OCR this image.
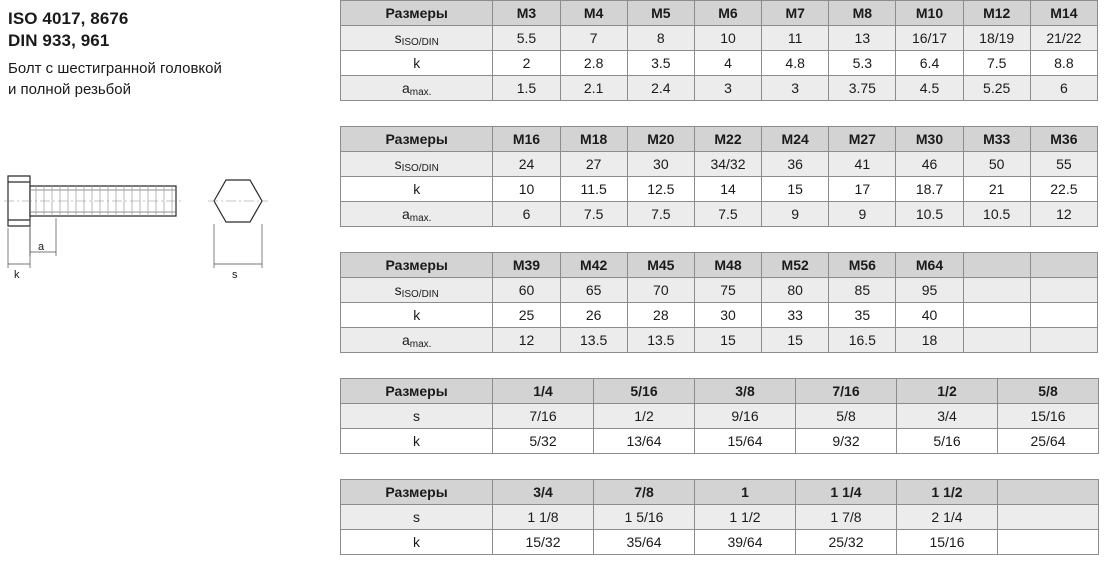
ISO 4017, 8676
DIN 933, 961
Болт с шестигранной головкой
и полной резьбой
a
k	s
Размеры	M3	M4	M5	M6	M7	M8	M10	M12	M14
sISO/DIN	5.5	7	8	10	11	13	16/17	18/19	21/22
k	2	2.8	3.5	4	4.8	5.3	6.4	7.5	8.8
amax.	1.5	2.1	2.4	3	3	3.75	4.5	5.25	6
Размеры	M16	M18	M20	M22	M24	M27	M30	M33	M36
sISO/DIN	24	27	30	34/32	36	41	46	50	55
k	10	11.5	12.5	14	15	17	18.7	21	22.5
amax.	6	7.5	7.5	7.5	9	9	10.5	10.5	12
Размеры	M39	M42	M45	M48	M52	M56	M64		
sISO/DIN	60	65	70	75	80	85	95		
k	25	26	28	30	33	35	40		
amax.	12	13.5	13.5	15	15	16.5	18		
Размеры	1/4	5/16	3/8	7/16	1/2	5/8
s	7/16	1/2	9/16	5/8	3/4	15/16
k	5/32	13/64	15/64	9/32	5/16	25/64
Размеры	3/4	7/8	1	1 1/4	1 1/2	
s	1 1/8	1 5/16	1 1/2	1 7/8	2 1/4	
k	15/32	35/64	39/64	25/32	15/16	
